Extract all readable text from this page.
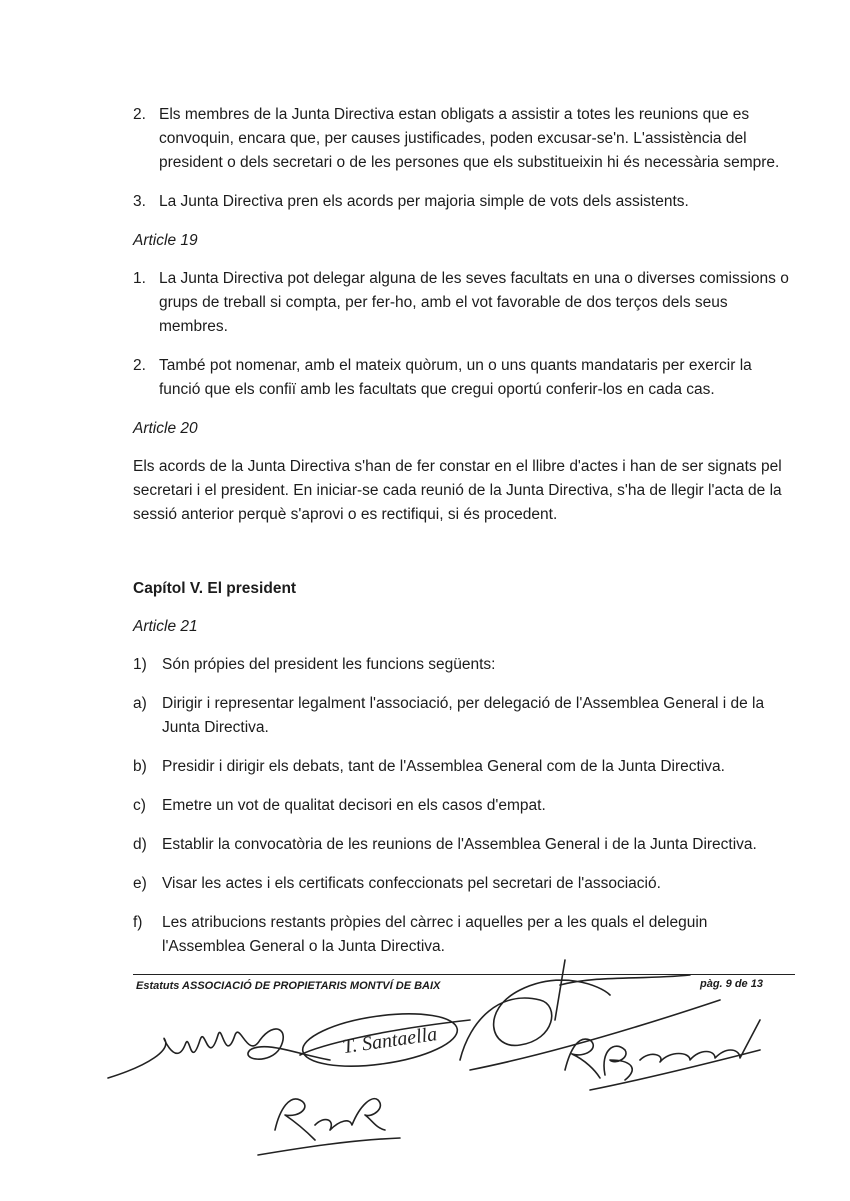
2. Els membres de la Junta Directiva estan obligats a assistir a totes les reunions que es convoquin, encara que, per causes justificades, poden excusar-se'n. L'assistència del president o dels secretari o de les persones que els substitueixin hi és necessària sempre.
3. La Junta Directiva pren els acords per majoria simple de vots dels assistents.
Article 19
1. La Junta Directiva pot delegar alguna de les seves facultats en una o diverses comissions o grups de treball si compta, per fer-ho, amb el vot favorable de dos terços dels seus membres.
2. També pot nomenar, amb el mateix quòrum, un o uns quants mandataris per exercir la funció que els confiï amb les facultats que cregui oportú conferir-los en cada cas.
Article 20
Els acords de la Junta Directiva s'han de fer constar en el llibre d'actes i han de ser signats pel secretari i el president. En iniciar-se cada reunió de la Junta Directiva, s'ha de llegir l'acta de la sessió anterior perquè s'aprovi o es rectifiqui, si és procedent.
Capítol V. El president
Article 21
1) Són própies del president les funcions següents:
a) Dirigir i representar legalment l'associació, per delegació de l'Assemblea General i de la Junta Directiva.
b) Presidir i dirigir els debats, tant de l'Assemblea General com de la Junta Directiva.
c)	Emetre un vot de qualitat decisori en els casos d'empat.
d) Establir la convocatòria de les reunions de l'Assemblea General i de la Junta Directiva.
e) Visar les actes i els certificats confeccionats pel secretari de l'associació.
f)	Les atribucions restants pròpies del càrrec i aquelles per a les quals el deleguin l'Assemblea General o la Junta Directiva.
Estatuts ASSOCIACIÓ DE PROPIETARIS MONTVÍ DE BAIX	pàg. 9 de 13
T. Santaella
R Bosanal
Rosa Pont
